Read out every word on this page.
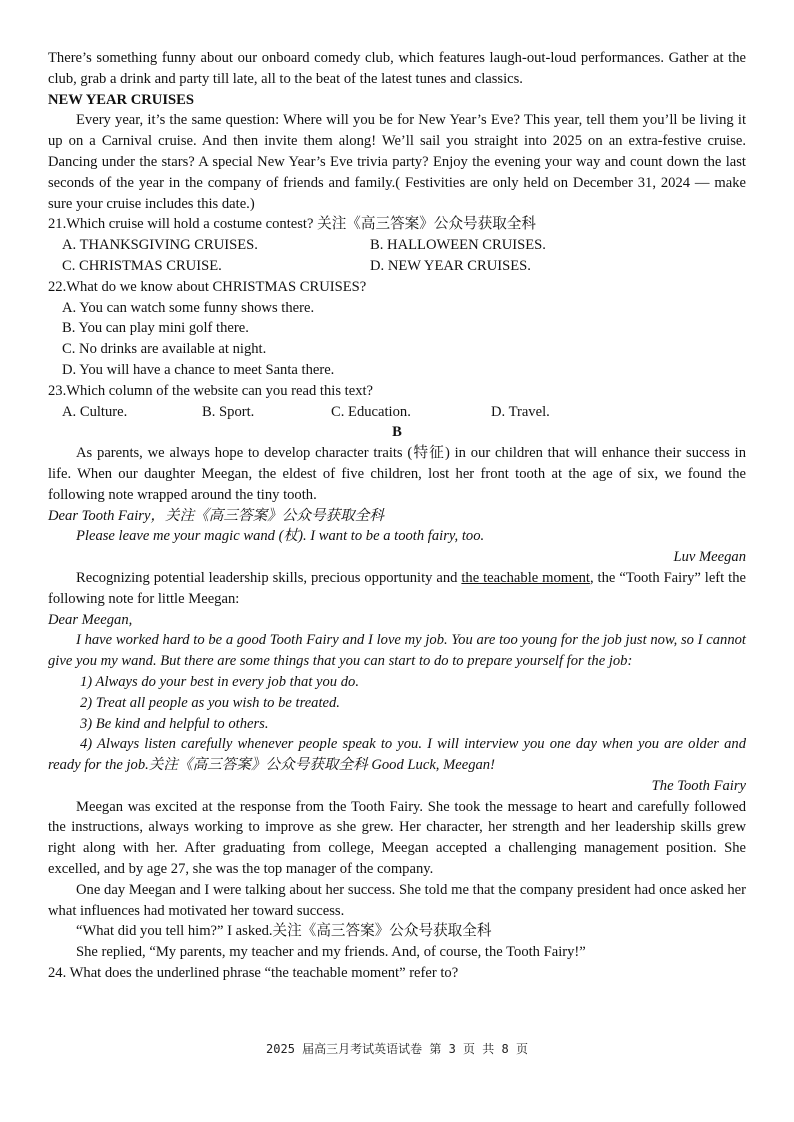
There’s something funny about our onboard comedy club, which features laugh-out-loud performances. Gather at the club, grab a drink and party till late, all to the beat of the latest tunes and classics.

NEW YEAR CRUISES

Every year, it’s the same question: Where will you be for New Year’s Eve? This year, tell them you’ll be living it up on a Carnival cruise. And then invite them along! We’ll sail you straight into 2025 on an extra-festive cruise. Dancing under the stars? A special New Year’s Eve trivia party? Enjoy the evening your way and count down the last seconds of the year in the company of friends and family.( Festivities are only held on December 31, 2024 — make sure your cruise includes this date.)

21.Which cruise will hold a costume contest? 关注《高三答案》公众号获取全科

A. THANKSGIVING CRUISES.	B. HALLOWEEN CRUISES.
C. CHRISTMAS CRUISE.	D. NEW YEAR CRUISES.

22.What do we know about CHRISTMAS CRUISES?

A. You can watch some funny shows there.

B. You can play mini golf there.

C. No drinks are available at night.

D. You will have a chance to meet Santa there.

23.Which column of the website can you read this text?

A. Culture.	B. Sport.	C. Education.	D. Travel.

B

As parents, we always hope to develop character traits (特征) in our children that will enhance their success in life. When our daughter Meegan, the eldest of five children, lost her front tooth at the age of six, we found the following note wrapped around the tiny tooth.

Dear Tooth Fairy，关注《高三答案》公众号获取全科

Please leave me your magic wand (杖). I want to be a tooth fairy, too.

Luv Meegan

Recognizing potential leadership skills, precious opportunity and the teachable moment, the “Tooth Fairy” left the following note for little Meegan:

Dear Meegan,

I have worked hard to be a good Tooth Fairy and I love my job. You are too young for the job just now, so I cannot give you my wand. But there are some things that you can start to do to prepare yourself for the job:

1) Always do your best in every job that you do.

2) Treat all people as you wish to be treated.

3) Be kind and helpful to others.

4) Always listen carefully whenever people speak to you. I will interview you one day when you are older and ready for the job.关注《高三答案》公众号获取全科 Good Luck, Meegan!

The Tooth Fairy

Meegan was excited at the response from the Tooth Fairy. She took the message to heart and carefully followed the instructions, always working to improve as she grew. Her character, her strength and her leadership skills grew right along with her. After graduating from college, Meegan accepted a challenging management position. She excelled, and by age 27, she was the top manager of the company.

One day Meegan and I were talking about her success. She told me that the company president had once asked her what influences had motivated her toward success.

“What did you tell him?” I asked.关注《高三答案》公众号获取全科

She replied, “My parents, my teacher and my friends. And, of course, the Tooth Fairy!”

24. What does the underlined phrase “the teachable moment” refer to?

2025 届高三月考试英语试卷 第 3 页 共 8 页
